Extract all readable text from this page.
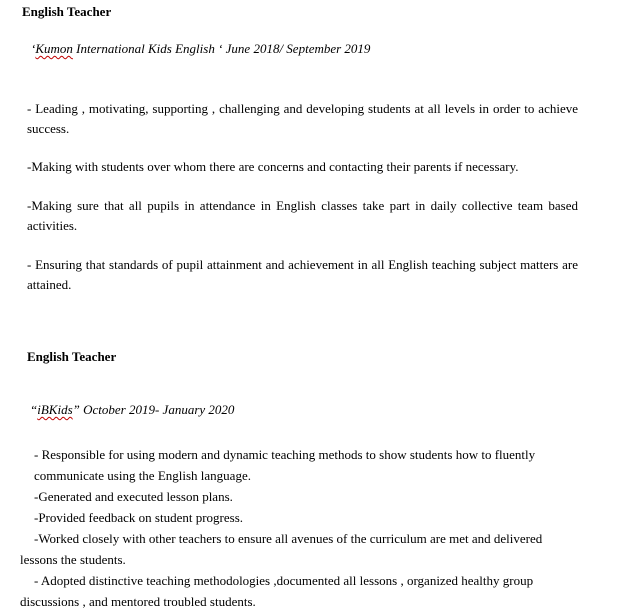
English Teacher
‘Kumon International Kids English ‘ June 2018/ September 2019
- Leading , motivating, supporting , challenging and developing students at all levels in order to achieve success.
-Making with students over whom there are concerns and contacting their parents if necessary.
-Making sure that all pupils in attendance in English classes take part in daily collective team based activities.
- Ensuring that standards of pupil attainment and achievement in all English teaching subject matters are attained.
English Teacher
“iBKids” October 2019- January 2020
- Responsible for using modern and dynamic teaching methods to show students how to fluently
communicate using the English language.
-Generated and executed lesson plans.
-Provided feedback on student progress.
-Worked closely with other teachers to ensure all avenues of the curriculum are met and delivered
lessons the students.
- Adopted distinctive teaching methodologies ,documented all lessons , organized healthy group
discussions , and mentored troubled students.
